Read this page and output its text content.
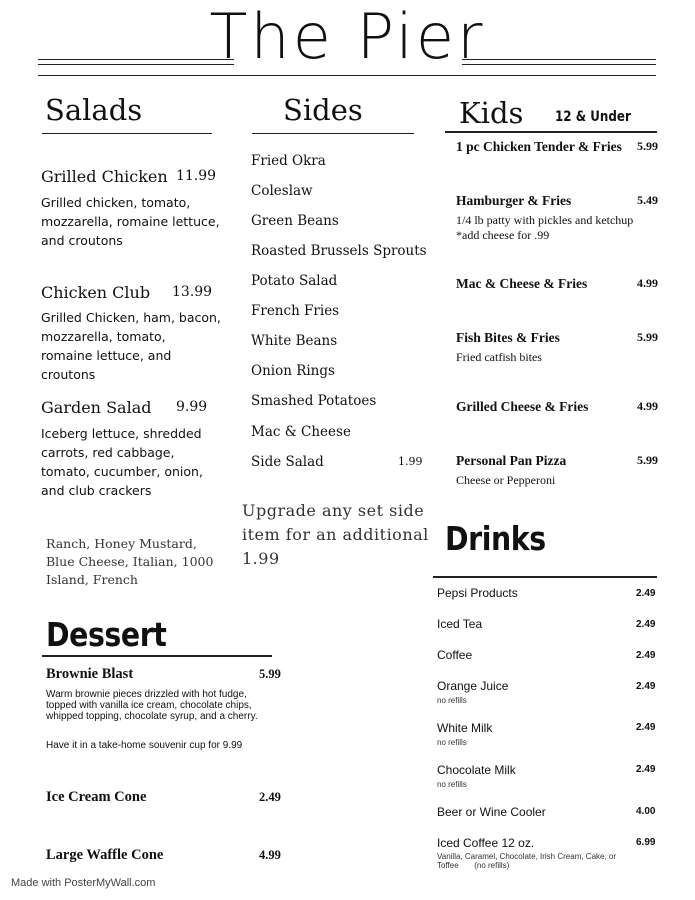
The Pier
Salads
Grilled Chicken 11.99
Grilled chicken, tomato, mozzarella, romaine lettuce, and croutons
Chicken Club 13.99
Grilled Chicken, ham, bacon, mozzarella, tomato, romaine lettuce, and croutons
Garden Salad 9.99
Iceberg lettuce, shredded carrots, red cabbage, tomato, cucumber, onion, and club crackers
Ranch, Honey Mustard, Blue Cheese, Italian, 1000 Island, French
Sides
Fried Okra
Coleslaw
Green Beans
Roasted Brussels Sprouts
Potato Salad
French Fries
White Beans
Onion Rings
Smashed Potatoes
Mac & Cheese
Side Salad	1.99
Upgrade any set side item for an additional 1.99
Kids 12 & Under
1 pc Chicken Tender & Fries 5.99
Hamburger & Fries	5.49
1/4 lb patty with pickles and ketchup
*add cheese for .99
Mac & Cheese & Fries	4.99
Fish Bites & Fries	5.99
Fried catfish bites
Grilled Cheese & Fries	4.99
Personal Pan Pizza	5.99
Cheese or Pepperoni
Drinks
Pepsi Products	2.49
Iced Tea	2.49
Coffee	2.49
Orange Juice	2.49
no refills
White Milk	2.49
no refills
Chocolate Milk	2.49
no refills
Beer or Wine Cooler	4.00
Iced Coffee 12 oz.	6.99
Vanilla, Caramel, Chocolate, Irish Cream, Cake, or Toffee       (no refills)
Dessert
Brownie Blast	5.99
Warm brownie pieces drizzled with hot fudge, topped with vanilla ice cream, chocolate chips, whipped topping, chocolate syrup, and a cherry.
Have it in a take-home souvenir cup for 9.99
Ice Cream Cone	2.49
Large Waffle Cone	4.99
Made with PosterMyWall.com
